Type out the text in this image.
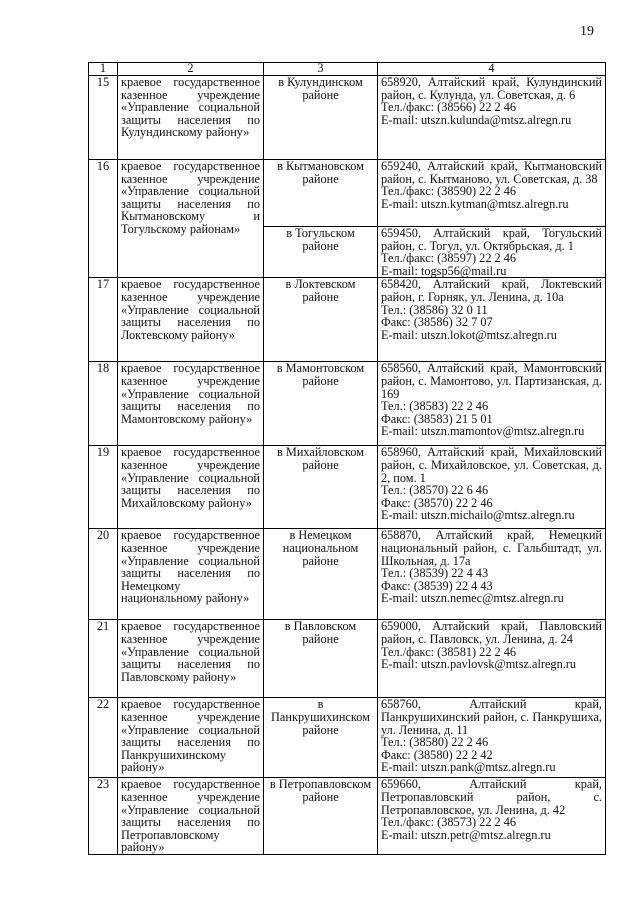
19
1	2	3	4
15	краевое государственное казенное учреждение «Управление социальной защиты населения по Кулундинскому району»	в Кулундинском районе	658920, Алтайский край, Кулундинский район, с. Кулунда, ул. Советская, д. 6
Тел./факс: (38566) 22 2 46
E-mail: utszn.kulunda@mtsz.alregn.ru
16	краевое государственное казенное учреждение «Управление социальной защиты населения по Кытмановскому и Тогульскому районам»	в Кытмановском районе	659240, Алтайский край, Кытмановский район, с. Кытманово, ул. Советская, д. 38
Тел./факс: (38590) 22 2 46
E-mail: utszn.kytman@mtsz.alregn.ru
		в Тогульском районе	659450, Алтайский край, Тогульский район, с. Тогул, ул. Октябрьская, д. 1
Тел./факс: (38597) 22 2 46
E-mail: togsp56@mail.ru
17	краевое государственное казенное учреждение «Управление социальной защиты населения по Локтевскому району»	в Локтевском районе	658420, Алтайский край, Локтевский район, г. Горняк, ул. Ленина, д. 10а
Тел.: (38586) 32 0 11
Факс: (38586) 32 7 07
E-mail: utszn.lokot@mtsz.alregn.ru
18	краевое государственное казенное учреждение «Управление социальной защиты населения по Мамонтовскому району»	в Мамонтовском районе	658560, Алтайский край, Мамонтовский район, с. Мамонтово, ул. Партизанская, д. 169
Тел.: (38583) 22 2 46
Факс: (38583) 21 5 01
E-mail: utszn.mamontov@mtsz.alregn.ru
19	краевое государственное казенное учреждение «Управление социальной защиты населения по Михайловскому району»	в Михайловском районе	658960, Алтайский край, Михайловский район, с. Михайловское, ул. Советская, д. 2, пом. 1
Тел.: (38570) 22 6 46
Факс: (38570) 22 2 46
E-mail: utszn.michailo@mtsz.alregn.ru
20	краевое государственное казенное учреждение «Управление социальной защиты населения по Немецкому национальному району»	в Немецком национальном районе	658870, Алтайский край, Немецкий национальный район, с. Гальбштадт, ул. Школьная, д. 17а
Тел.: (38539) 22 4 43
Факс: (38539) 22 4 43
E-mail: utszn.nemec@mtsz.alregn.ru
21	краевое государственное казенное учреждение «Управление социальной защиты населения по Павловскому району»	в Павловском районе	659000, Алтайский край, Павловский район, с. Павловск, ул. Ленина, д. 24
Тел./факс: (38581) 22 2 46
E-mail: utszn.pavlovsk@mtsz.alregn.ru
22	краевое государственное казенное учреждение «Управление социальной защиты населения по Панкрушихинскому району»	в Панкрушихинском районе	658760, Алтайский край, Панкрушихинский район, с. Панкрушиха, ул. Ленина, д. 11
Тел.: (38580) 22 2 46
Факс: (38580) 22 2 42
E-mail: utszn.pank@mtsz.alregn.ru
23	краевое государственное казенное учреждение «Управление социальной защиты населения по Петропавловскому району»	в Петропавловском районе	659660, Алтайский край, Петропавловский район, с. Петропавловское, ул. Ленина, д. 42
Тел./факс: (38573) 22 2 46
E-mail: utszn.petr@mtsz.alregn.ru
